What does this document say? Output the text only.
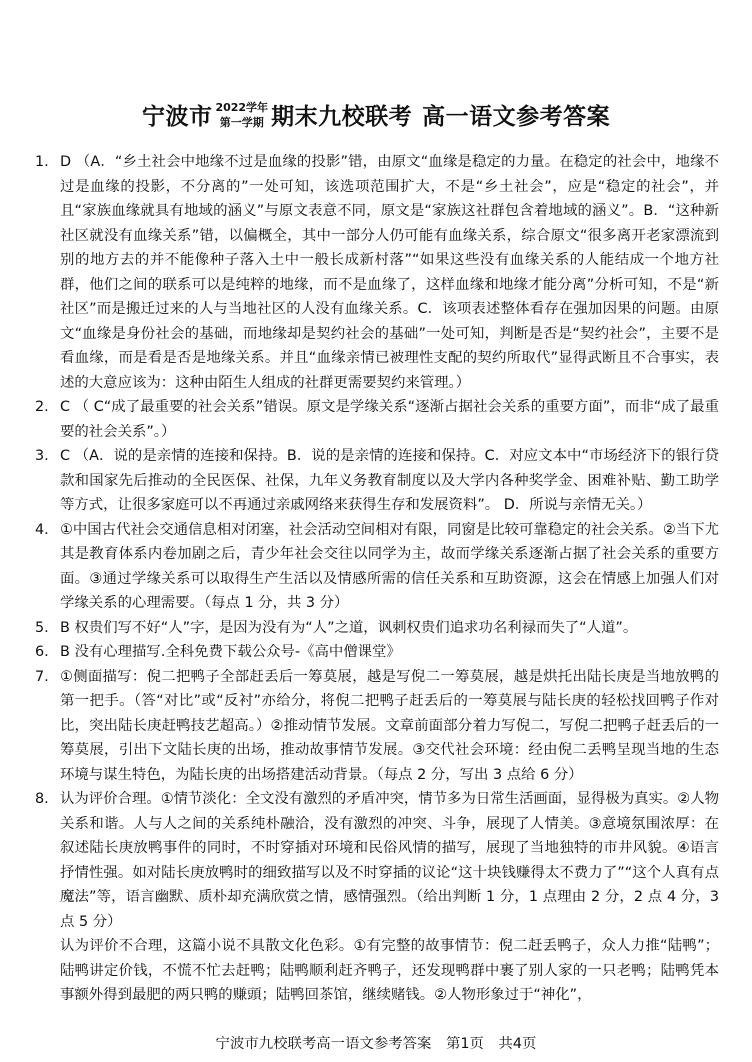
宁波市 2022学年
第一学期 期末九校联考 高一语文参考答案
1. D （A．“乡土社会中地缘不过是血缘的投影”错，由原文“血缘是稳定的力量。在稳定的社会中，地缘不过是血缘的投影，不分离的”一处可知，该选项范围扩大，不是“乡土社会”，应是“稳定的社会”，并且“家族血缘就具有地域的涵义”与原文表意不同，原文是“家族这社群包含着地域的涵义”。B．“这种新社区就没有血缘关系”错，以偏概全，其中一部分人仍可能有血缘关系，综合原文“很多离开老家漂流到别的地方去的并不能像种子落入土中一般长成新村落”“如果这些没有血缘关系的人能结成一个地方社群，他们之间的联系可以是纯粹的地缘，而不是血缘了，这样血缘和地缘才能分离”分析可知，不是“新社区”而是搬迁过来的人与当地社区的人没有血缘关系。C．该项表述整体看存在强加因果的问题。由原文“血缘是身份社会的基础，而地缘却是契约社会的基础”一处可知，判断是否是“契约社会”，主要不是看血缘，而是看是否是地缘关系。并且“血缘亲情已被理性支配的契约所取代”显得武断且不合事实，表述的大意应该为：这种由陌生人组成的社群更需要契约来管理。）
2. C （ C“成了最重要的社会关系”错误。原文是学缘关系“逐渐占据社会关系的重要方面”，而非“成了最重要的社会关系”。）
3. C （A．说的是亲情的连接和保持。B．说的是亲情的连接和保持。C．对应文本中“市场经济下的银行贷款和国家先后推动的全民医保、社保，九年义务教育制度以及大学内各种奖学金、困难补贴、勤工助学等方式，让很多家庭可以不再通过亲戚网络来获得生存和发展资料”。 D．所说与亲情无关。）
4. ①中国古代社会交通信息相对闭塞，社会活动空间相对有限，同窗是比较可靠稳定的社会关系。②当下尤其是教育体系内卷加剧之后，青少年社会交往以同学为主，故而学缘关系逐渐占据了社会关系的重要方面。③通过学缘关系可以取得生产生活以及情感所需的信任关系和互助资源，这会在情感上加强人们对学缘关系的心理需要。（每点 1 分，共 3 分）
5. B 权贵们写不好“人”字，是因为没有为“人”之道，讽刺权贵们追求功名利禄而失了“人道”。
6. B 没有心理描写.全科免费下载公众号-《高中僧课堂》
7. ①侧面描写：倪二把鸭子全部赶丢后一筹莫展，越是写倪二一筹莫展，越是烘托出陆长庚是当地放鸭的第一把手。（答“对比”或“反衬”亦给分，将倪二把鸭子赶丢后的一筹莫展与陆长庚的轻松找回鸭子作对比，突出陆长庚赶鸭技艺超高。）②推动情节发展。文章前面部分着力写倪二，写倪二把鸭子赶丢后的一筹莫展，引出下文陆长庚的出场，推动故事情节发展。③交代社会环境：经由倪二丢鸭呈现当地的生态环境与谋生特色，为陆长庚的出场搭建活动背景。（每点 2 分，写出 3 点给 6 分）
8. 认为评价合理。①情节淡化：全文没有激烈的矛盾冲突，情节多为日常生活画面，显得极为真实。②人物关系和谐。人与人之间的关系纯朴融洽，没有激烈的冲突、斗争，展现了人情美。③意境氛围浓厚：在叙述陆长庚放鸭事件的同时，不时穿插对环境和民俗风情的描写，展现了当地独特的市井风貌。④语言抒情性强。如对陆长庚放鸭时的细致描写以及不时穿插的议论“这十块钱赚得太不费力了”“这个人真有点魔法”等，语言幽默、质朴却充满欣赏之情，感情强烈。（给出判断 1 分，1 点理由 2 分，2 点 4 分，3 点 5 分）

认为评价不合理，这篇小说不具散文化色彩。①有完整的故事情节：倪二赶丢鸭子，众人力推“陆鸭”；陆鸭讲定价钱，不慌不忙去赶鸭；陆鸭顺利赶齐鸭子，还发现鸭群中裹了别人家的一只老鸭；陆鸭凭本事额外得到最肥的两只鸭的赚頭；陆鸭回茶馆，继续赌钱。②人物形象过于“神化”，

宁波市九校联考高一语文参考答案 第1页 共4页
